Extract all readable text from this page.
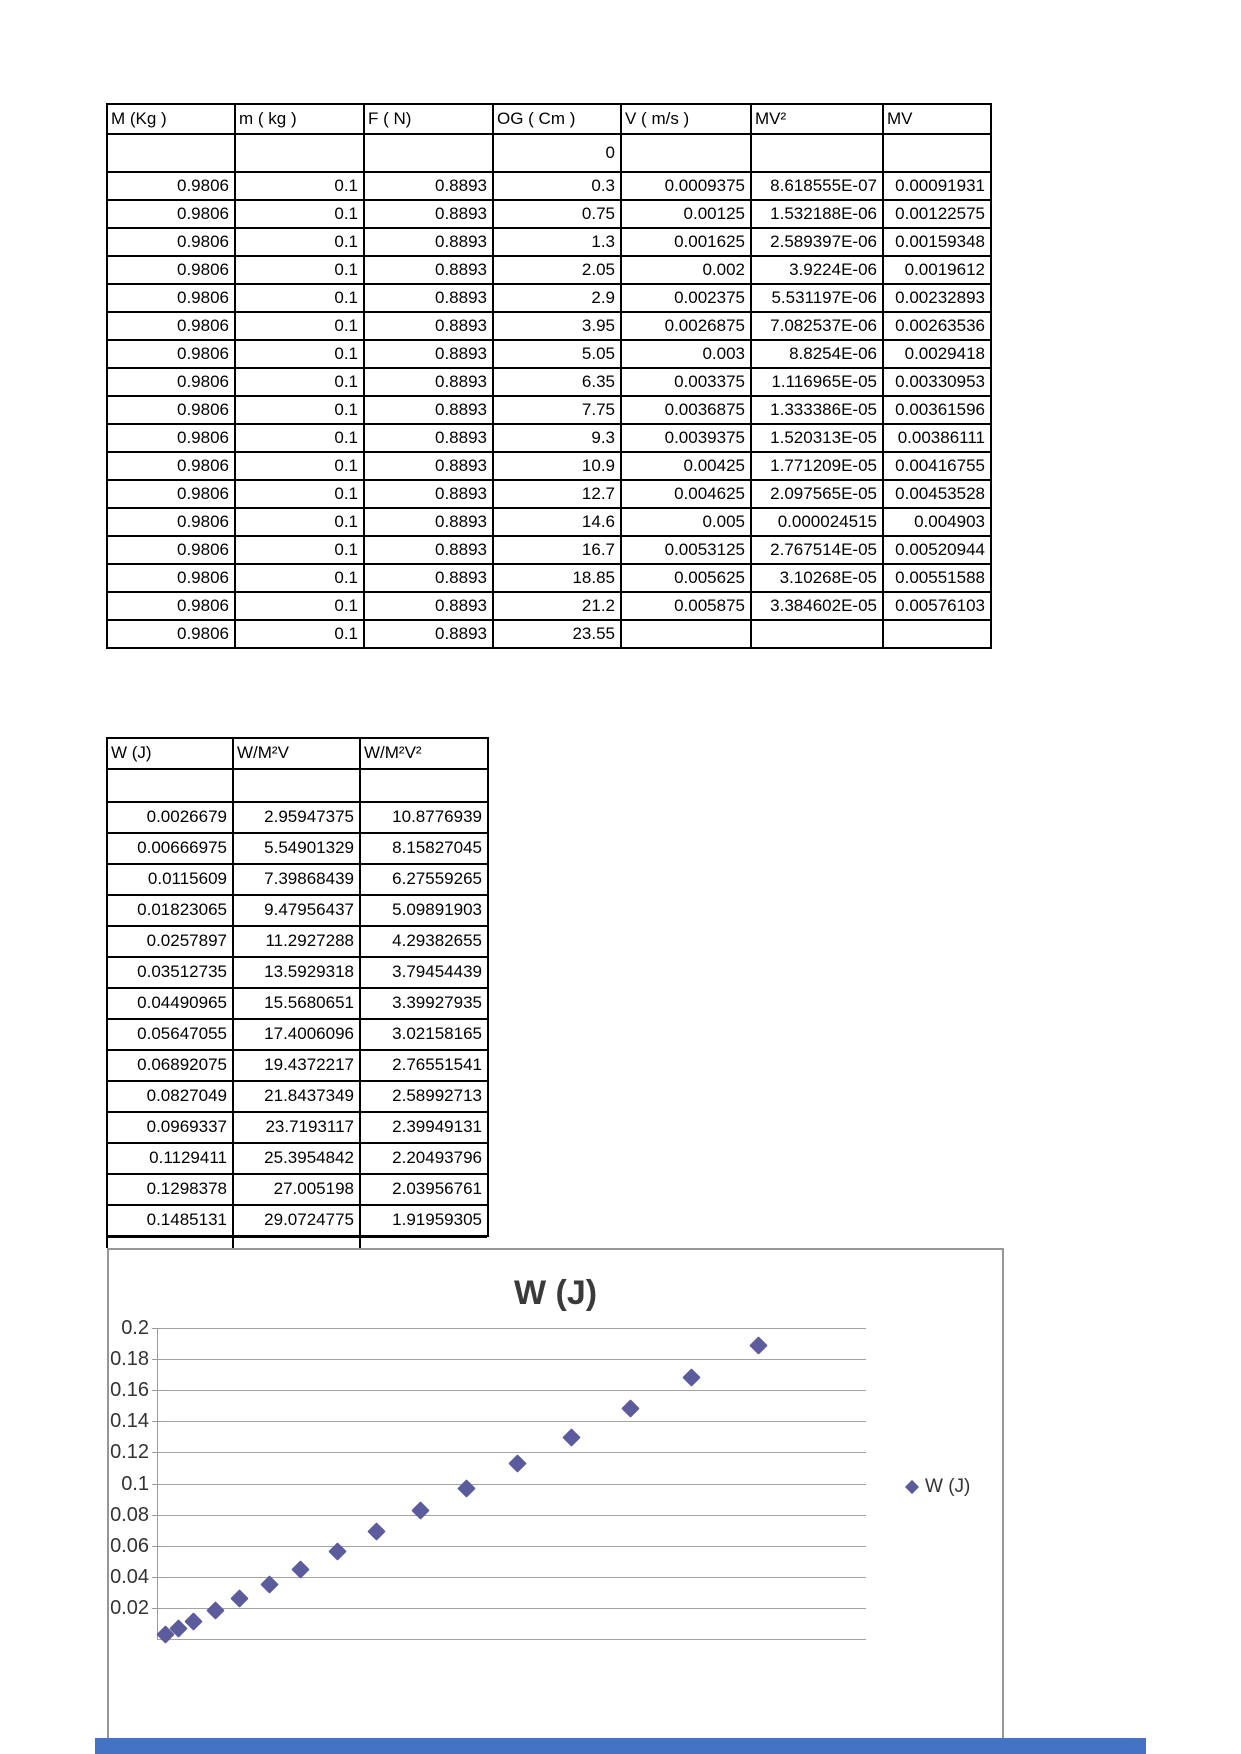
M (Kg )	m ( kg )	F ( N)	OG ( Cm )	V ( m/s )	MV²	MV
			0			
0.9806	0.1	0.8893	0.3	0.0009375	8.618555E-07	0.00091931
0.9806	0.1	0.8893	0.75	0.00125	1.532188E-06	0.00122575
0.9806	0.1	0.8893	1.3	0.001625	2.589397E-06	0.00159348
0.9806	0.1	0.8893	2.05	0.002	3.9224E-06	0.0019612
0.9806	0.1	0.8893	2.9	0.002375	5.531197E-06	0.00232893
0.9806	0.1	0.8893	3.95	0.0026875	7.082537E-06	0.00263536
0.9806	0.1	0.8893	5.05	0.003	8.8254E-06	0.0029418
0.9806	0.1	0.8893	6.35	0.003375	1.116965E-05	0.00330953
0.9806	0.1	0.8893	7.75	0.0036875	1.333386E-05	0.00361596
0.9806	0.1	0.8893	9.3	0.0039375	1.520313E-05	0.00386111
0.9806	0.1	0.8893	10.9	0.00425	1.771209E-05	0.00416755
0.9806	0.1	0.8893	12.7	0.004625	2.097565E-05	0.00453528
0.9806	0.1	0.8893	14.6	0.005	0.000024515	0.004903
0.9806	0.1	0.8893	16.7	0.0053125	2.767514E-05	0.00520944
0.9806	0.1	0.8893	18.85	0.005625	3.10268E-05	0.00551588
0.9806	0.1	0.8893	21.2	0.005875	3.384602E-05	0.00576103
0.9806	0.1	0.8893	23.55			
W (J)	W/M²V	W/M²V²

0.0026679	2.95947375	10.8776939
0.00666975	5.54901329	8.15827045
0.0115609	7.39868439	6.27559265
0.01823065	9.47956437	5.09891903
0.0257897	11.2927288	4.29382655
0.03512735	13.5929318	3.79454439
0.04490965	15.5680651	3.39927935
0.05647055	17.4006096	3.02158165
0.06892075	19.4372217	2.76551541
0.0827049	21.8437349	2.58992713
0.0969337	23.7193117	2.39949131
0.1129411	25.3954842	2.20493796
0.1298378	27.005198	2.03956761
0.1485131	29.0724775	1.91959305

W (J)
0.2
0.18
0.16
0.14
0.12
0.1
0.08
0.06
0.04
0.02
W (J)
